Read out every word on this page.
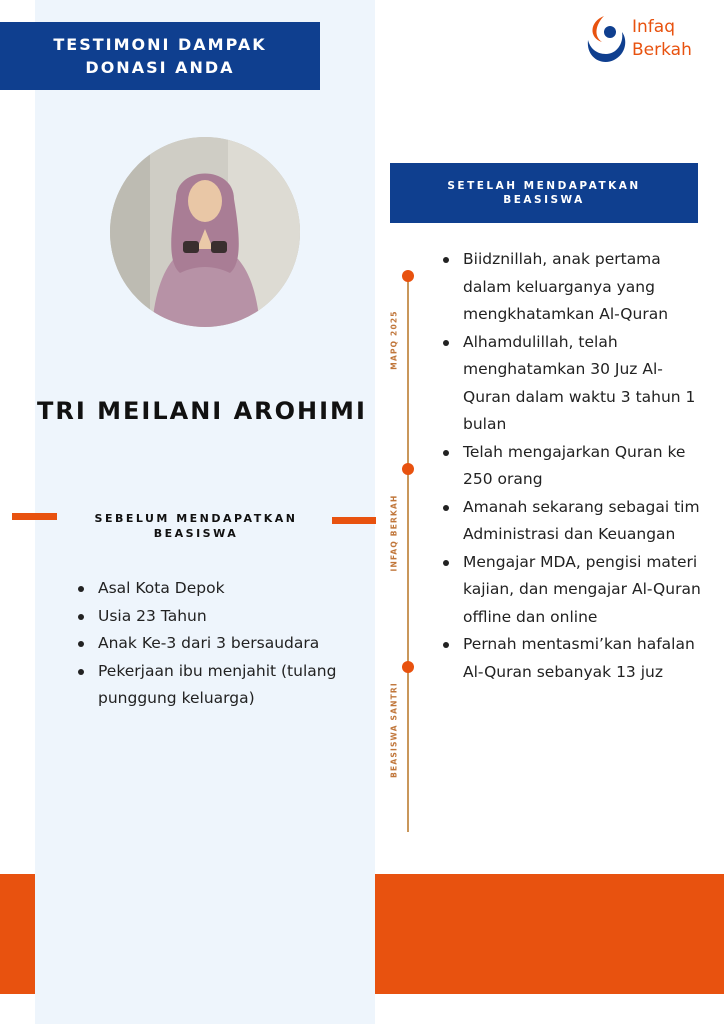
TESTIMONI DAMPAK
DONASI ANDA
Infaq
Berkah
TRI MEILANI AROHIMI
SEBELUM MENDAPATKAN
BEASISWA
Asal Kota Depok
Usia 23 Tahun
Anak Ke-3 dari 3 bersaudara
Pekerjaan ibu menjahit (tulang punggung keluarga)
SETELAH MENDAPATKAN
BEASISWA
MAPQ 2025
INFAQ BERKAH
BEASISWA SANTRI
Biidznillah, anak pertama dalam keluarganya yang mengkhatamkan Al-Quran
Alhamdulillah, telah menghatamkan 30 Juz Al-Quran dalam waktu 3 tahun 1 bulan
Telah mengajarkan Quran ke 250 orang
Amanah sekarang sebagai tim Administrasi dan Keuangan
Mengajar MDA, pengisi materi kajian, dan mengajar Al-Quran offline dan online
Pernah mentasmi’kan hafalan Al-Quran sebanyak 13 juz
